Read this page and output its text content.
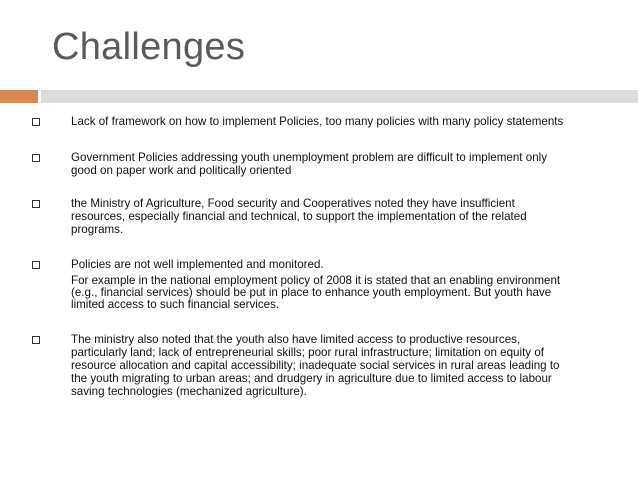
Challenges
Lack of framework on how to implement Policies, too many policies with many policy statements
Government Policies addressing youth unemployment problem are difficult to implement only
good on paper work and politically oriented
the Ministry of Agriculture, Food security and Cooperatives noted they have insufficient
resources, especially financial and technical, to support the implementation of the related
programs.
Policies are not well implemented and monitored.
For example in the national employment policy of 2008 it is stated that an enabling environment
(e.g., financial services) should be put in place to enhance youth employment. But youth have
limited access to such financial services.
The ministry also noted that the youth also have limited access to productive resources,
particularly land; lack of entrepreneurial skills; poor rural infrastructure; limitation on equity of
resource allocation and capital accessibility; inadequate social services in rural areas leading to
the youth migrating to urban areas; and drudgery in agriculture due to limited access to labour
saving technologies (mechanized agriculture).
